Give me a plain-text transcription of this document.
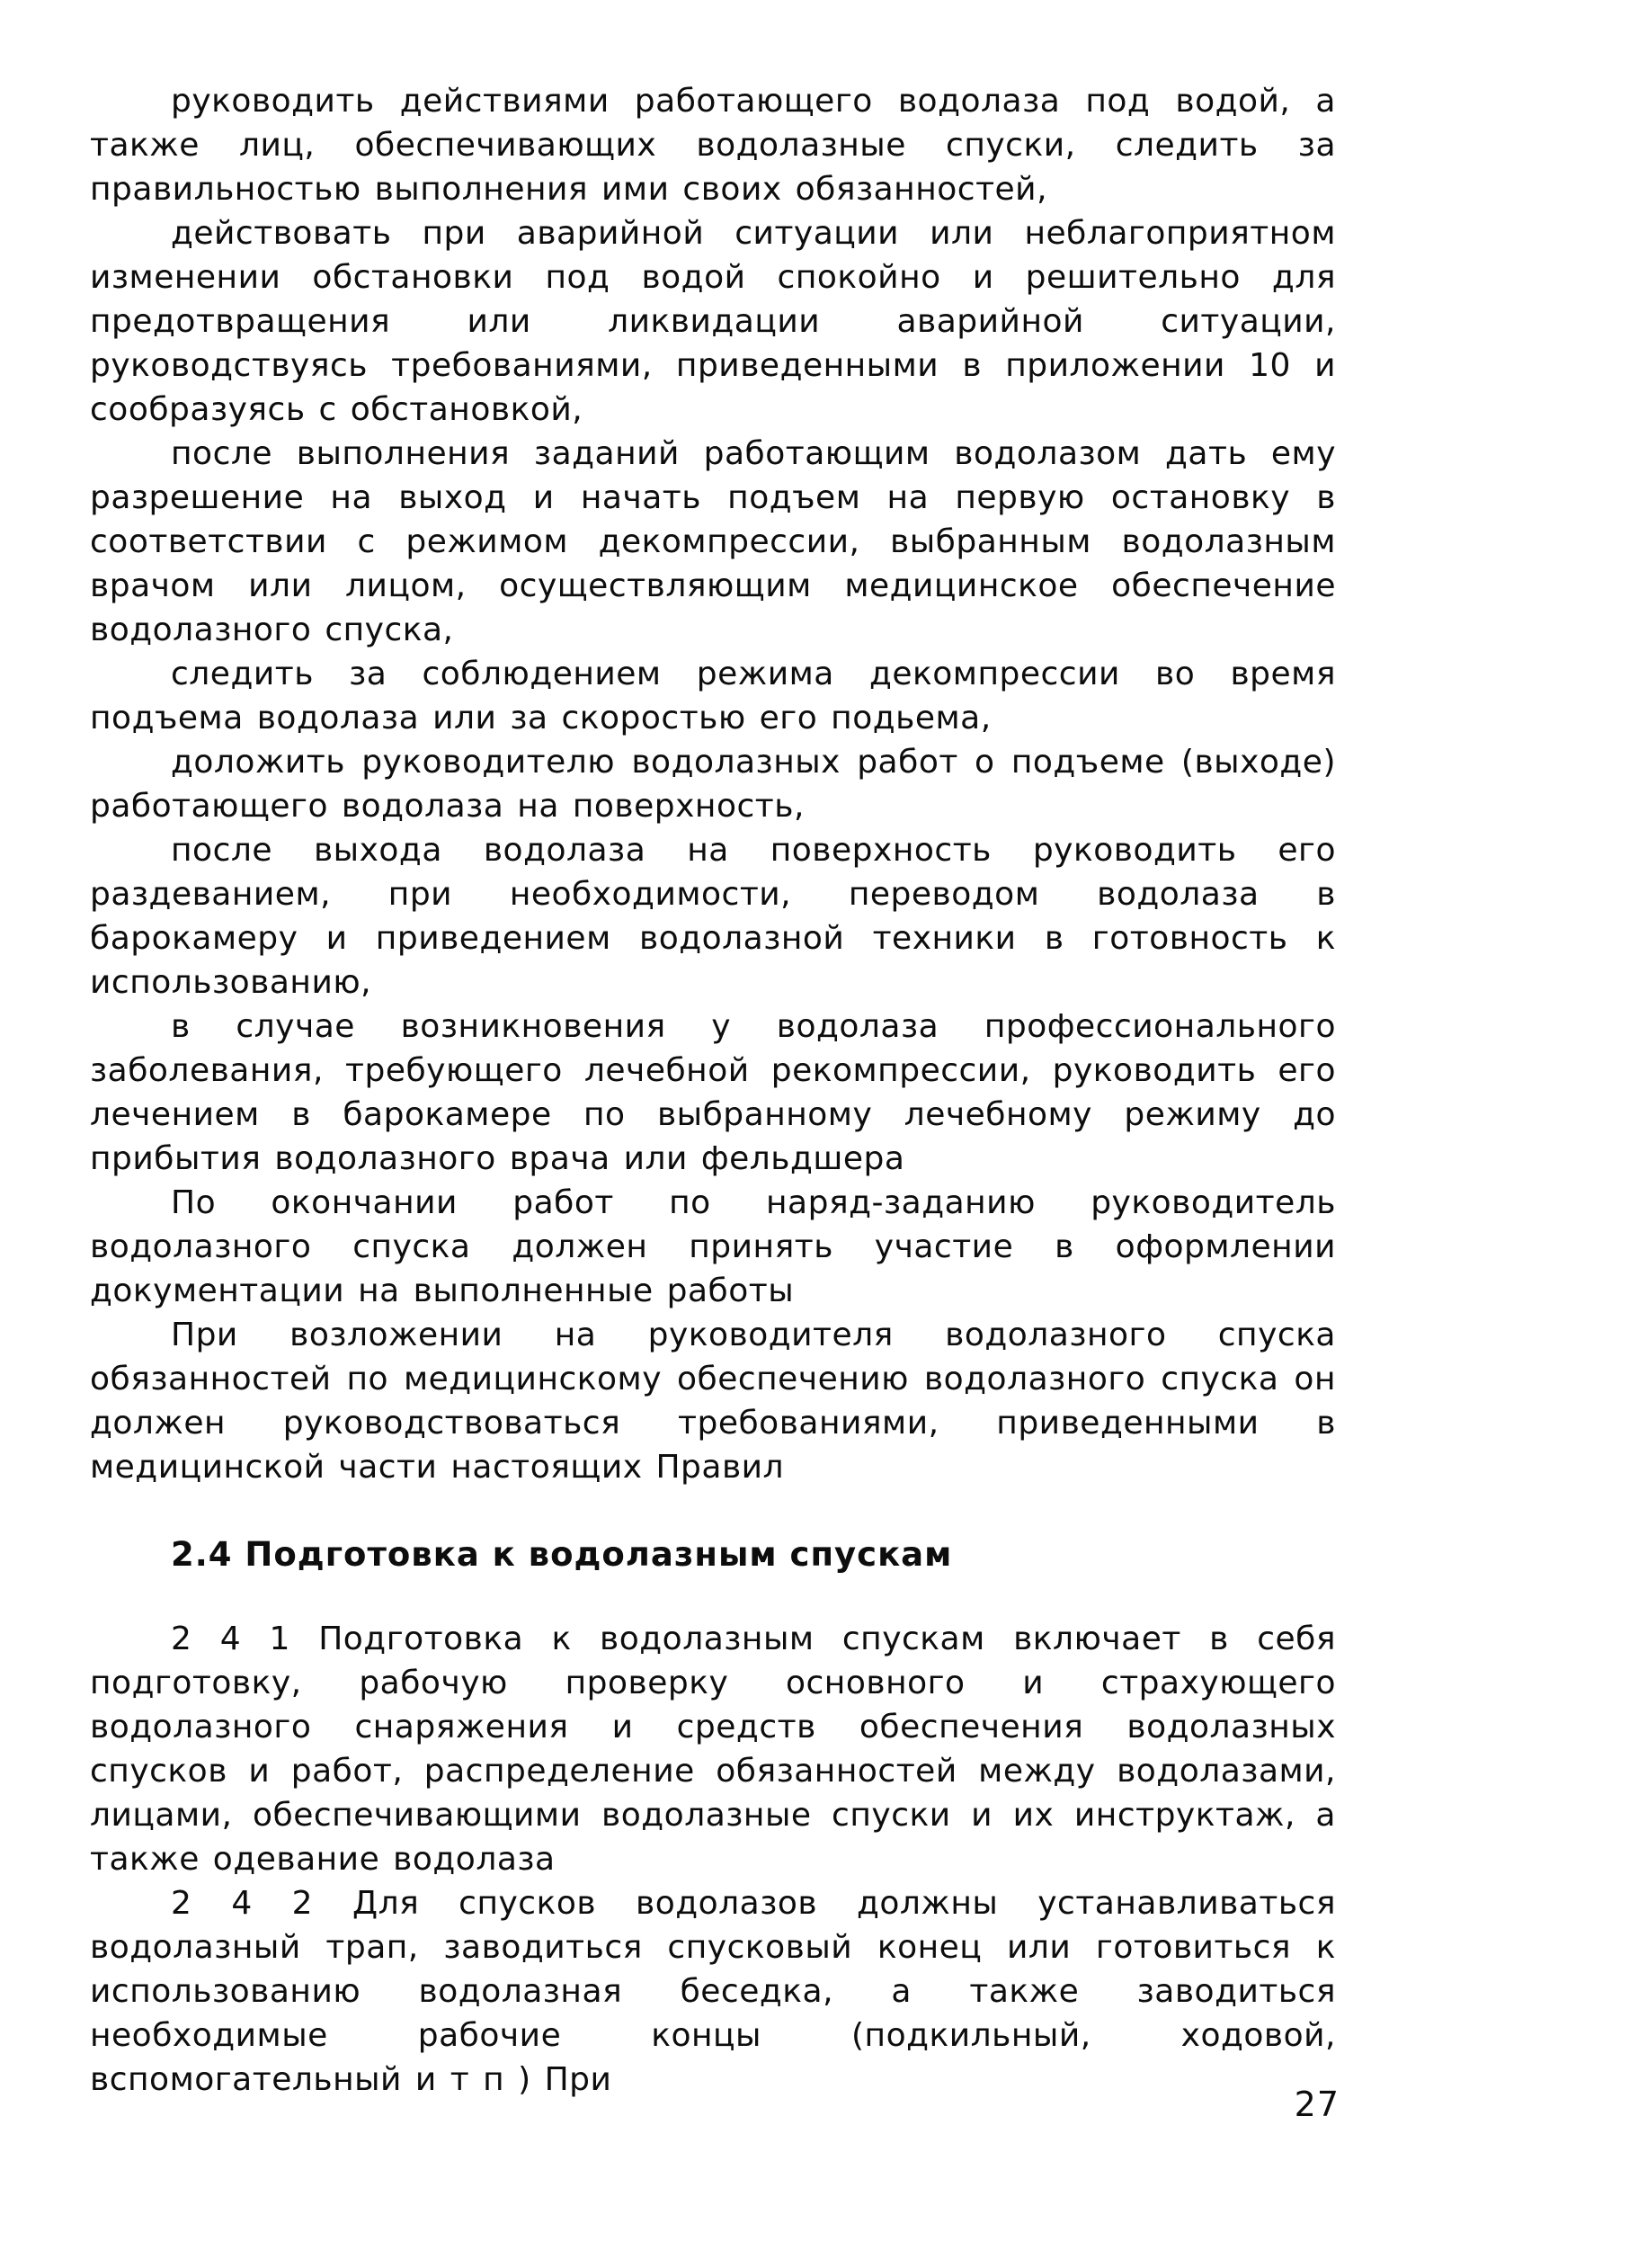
руководить действиями работающего водолаза под водой, а также лиц, обеспечивающих водолазные спуски, следить за правильностью выполнения ими своих обязанностей,

действовать при аварийной ситуации или неблагоприятном изменении обстановки под водой спокойно и решительно для предотвращения или ликвидации аварийной ситуации, руководствуясь требованиями, приведенными в приложении 10 и сообразуясь с обстановкой,

после выполнения заданий работающим водолазом дать ему разрешение на выход и начать подъем на первую остановку в соответствии с режимом декомпрессии, выбранным водолазным врачом или лицом, осуществляющим медицинское обеспечение водолазного спуска,

следить за соблюдением режима декомпрессии во время подъема водолаза или за скоростью его подьема,

доложить руководителю водолазных работ о подъеме (выходе) работающего водолаза на поверхность,

после выхода водолаза на поверхность руководить его раздеванием, при необходимости, переводом водолаза в барокамеру и приведением водолазной техники в готовность к использованию,

в случае возникновения у водолаза профессионального заболевания, требующего лечебной рекомпрессии, руководить его лечением в барокамере по выбранному лечебному режиму до прибытия водолазного врача или фельдшера

По окончании работ по наряд-заданию руководитель водолазного спуска должен принять участие в оформлении документации на выполненные работы

При возложении на руководителя водолазного спуска обязанностей по медицинскому обеспечению водолазного спуска он должен руководствоваться требованиями, приведенными в медицинской части настоящих Правил

2.4 Подготовка к водолазным спускам

2 4 1 Подготовка к водолазным спускам включает в себя подготовку, рабочую проверку основного и страхующего водолазного снаряжения и средств обеспечения водолазных спусков и работ, распределение обязанностей между водолазами, лицами, обеспечивающими водолазные спуски и их инструктаж, а также одевание водолаза

2 4 2 Для спусков водолазов должны устанавливаться водолазный трап, заводиться спусковый конец или готовиться к использованию водолазная беседка, а также заводиться необходимые рабочие концы (подкильный, ходовой, вспомогательный и т п ) При

27
